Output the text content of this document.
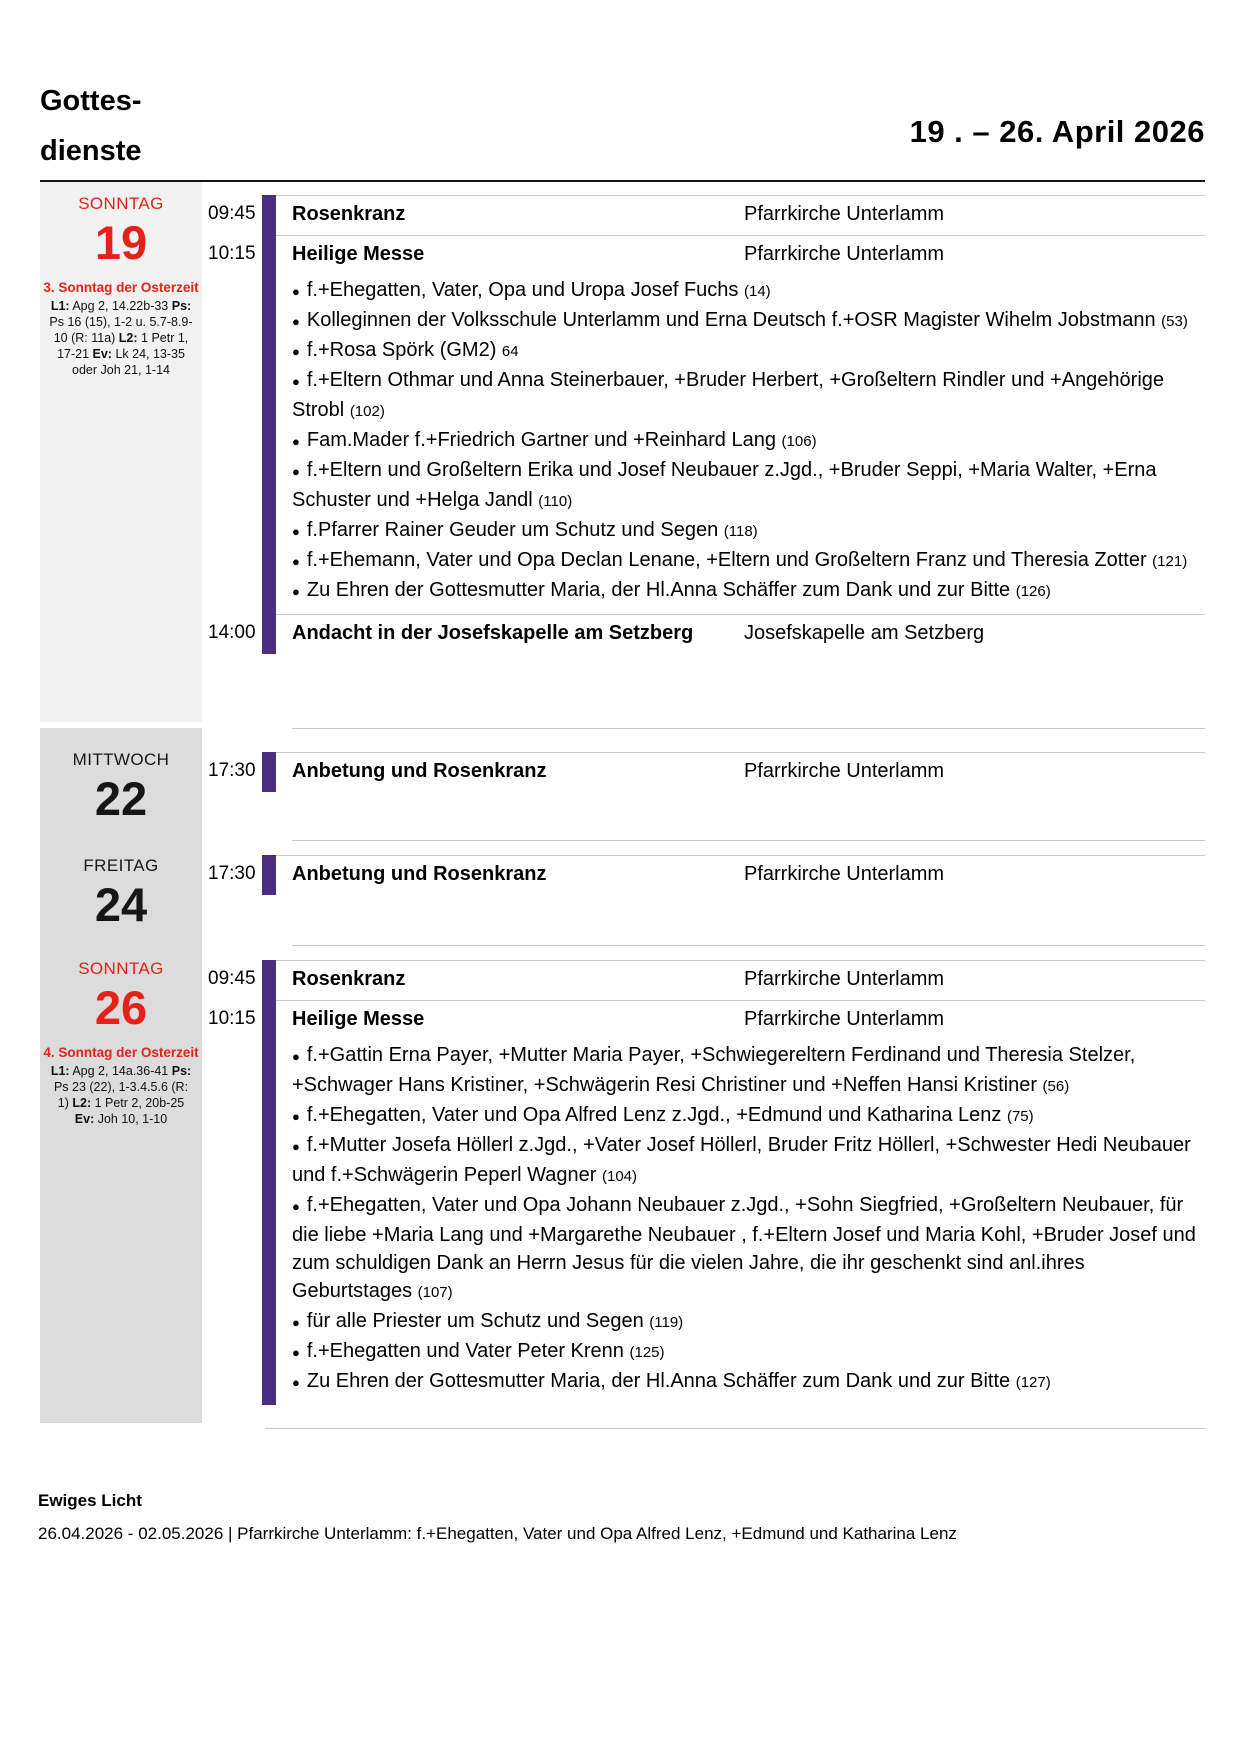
Gottes-
dienste
19 . – 26. April 2026
SONNTAG
19
3. Sonntag der Osterzeit
L1: Apg 2, 14.22b-33 Ps: Ps 16 (15), 1-2 u. 5.7-8.9-10 (R: 11a) L2: 1 Petr 1, 17-21 Ev: Lk 24, 13-35 oder Joh 21, 1-14
09:45	Rosenkranz	Pfarrkirche Unterlamm
10:15	Heilige Messe	Pfarrkirche Unterlamm
● f.+Ehegatten, Vater, Opa und Uropa Josef Fuchs (14)
● Kolleginnen der Volksschule Unterlamm und Erna Deutsch f.+OSR Magister Wihelm Jobstmann (53)
● f.+Rosa Spörk (GM2) 64
● f.+Eltern Othmar und Anna Steinerbauer, +Bruder Herbert, +Großeltern Rindler und +Angehörige Strobl (102)
● Fam.Mader f.+Friedrich Gartner und +Reinhard Lang (106)
● f.+Eltern und Großeltern Erika und Josef Neubauer z.Jgd., +Bruder Seppi, +Maria Walter, +Erna Schuster und +Helga Jandl (110)
● f.Pfarrer Rainer Geuder um Schutz und Segen (118)
● f.+Ehemann, Vater und Opa Declan Lenane, +Eltern und Großeltern Franz und Theresia Zotter (121)
● Zu Ehren der Gottesmutter Maria, der Hl.Anna Schäffer zum Dank und zur Bitte (126)
14:00	Andacht in der Josefskapelle am Setzberg	Josefskapelle am Setzberg
MITTWOCH
22
17:30	Anbetung und Rosenkranz	Pfarrkirche Unterlamm
FREITAG
24
17:30	Anbetung und Rosenkranz	Pfarrkirche Unterlamm
SONNTAG
26
4. Sonntag der Osterzeit
L1: Apg 2, 14a.36-41 Ps: Ps 23 (22), 1-3.4.5.6 (R: 1) L2: 1 Petr 2, 20b-25 Ev: Joh 10, 1-10
09:45	Rosenkranz	Pfarrkirche Unterlamm
10:15	Heilige Messe	Pfarrkirche Unterlamm
● f.+Gattin Erna Payer, +Mutter Maria Payer, +Schwiegereltern Ferdinand und Theresia Stelzer, +Schwager Hans Kristiner, +Schwägerin Resi Christiner und +Neffen Hansi Kristiner (56)
● f.+Ehegatten, Vater und Opa Alfred Lenz z.Jgd., +Edmund und Katharina Lenz (75)
● f.+Mutter Josefa Höllerl z.Jgd., +Vater Josef Höllerl, Bruder Fritz Höllerl, +Schwester Hedi Neubauer und f.+Schwägerin Peperl Wagner (104)
● f.+Ehegatten, Vater und Opa Johann Neubauer z.Jgd., +Sohn Siegfried, +Großeltern Neubauer, für die liebe +Maria Lang und +Margarethe Neubauer , f.+Eltern Josef und Maria Kohl, +Bruder Josef und zum schuldigen Dank an Herrn Jesus für die vielen Jahre, die ihr geschenkt sind anl.ihres Geburtstages (107)
● für alle Priester um Schutz und Segen (119)
● f.+Ehegatten und Vater Peter Krenn (125)
● Zu Ehren der Gottesmutter Maria, der Hl.Anna Schäffer zum Dank und zur Bitte (127)
Ewiges Licht
26.04.2026 - 02.05.2026 | Pfarrkirche Unterlamm: f.+Ehegatten, Vater und Opa Alfred Lenz, +Edmund und Katharina Lenz
